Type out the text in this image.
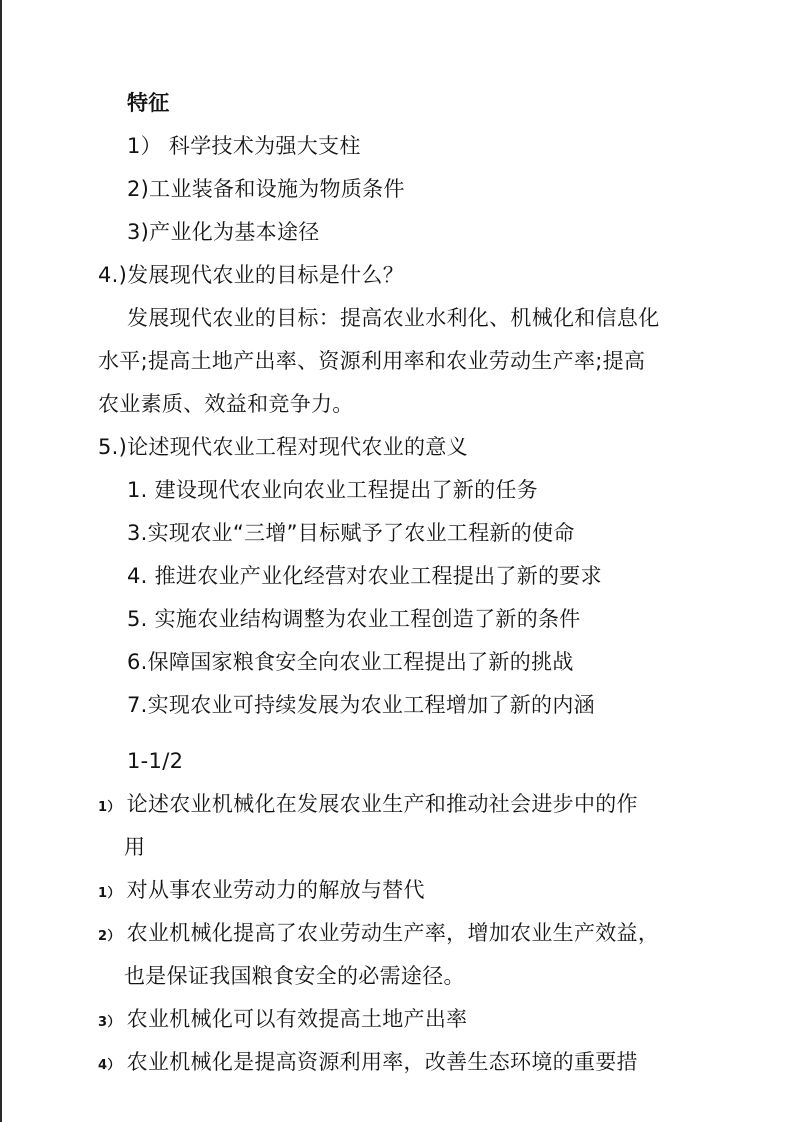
特征
1） 科学技术为强大支柱
2)工业装备和设施为物质条件
3)产业化为基本途径
4.)发展现代农业的目标是什么？
发展现代农业的目标：提高农业水利化、机械化和信息化
水平;提高土地产出率、资源利用率和农业劳动生产率;提高
农业素质、效益和竞争力。
5.)论述现代农业工程对现代农业的意义
1. 建设现代农业向农业工程提出了新的任务
3.实现农业“三增”目标赋予了农业工程新的使命
4. 推进农业产业化经营对农业工程提出了新的要求
5. 实施农业结构调整为农业工程创造了新的条件
6.保障国家粮食安全向农业工程提出了新的挑战
7.实现农业可持续发展为农业工程增加了新的内涵
1-1/2
1） 论述农业机械化在发展农业生产和推动社会进步中的作
用
1） 对从事农业劳动力的解放与替代
2） 农业机械化提高了农业劳动生产率，增加农业生产效益，
也是保证我国粮食安全的必需途径。
3） 农业机械化可以有效提高土地产出率
4） 农业机械化是提高资源利用率，改善生态环境的重要措
